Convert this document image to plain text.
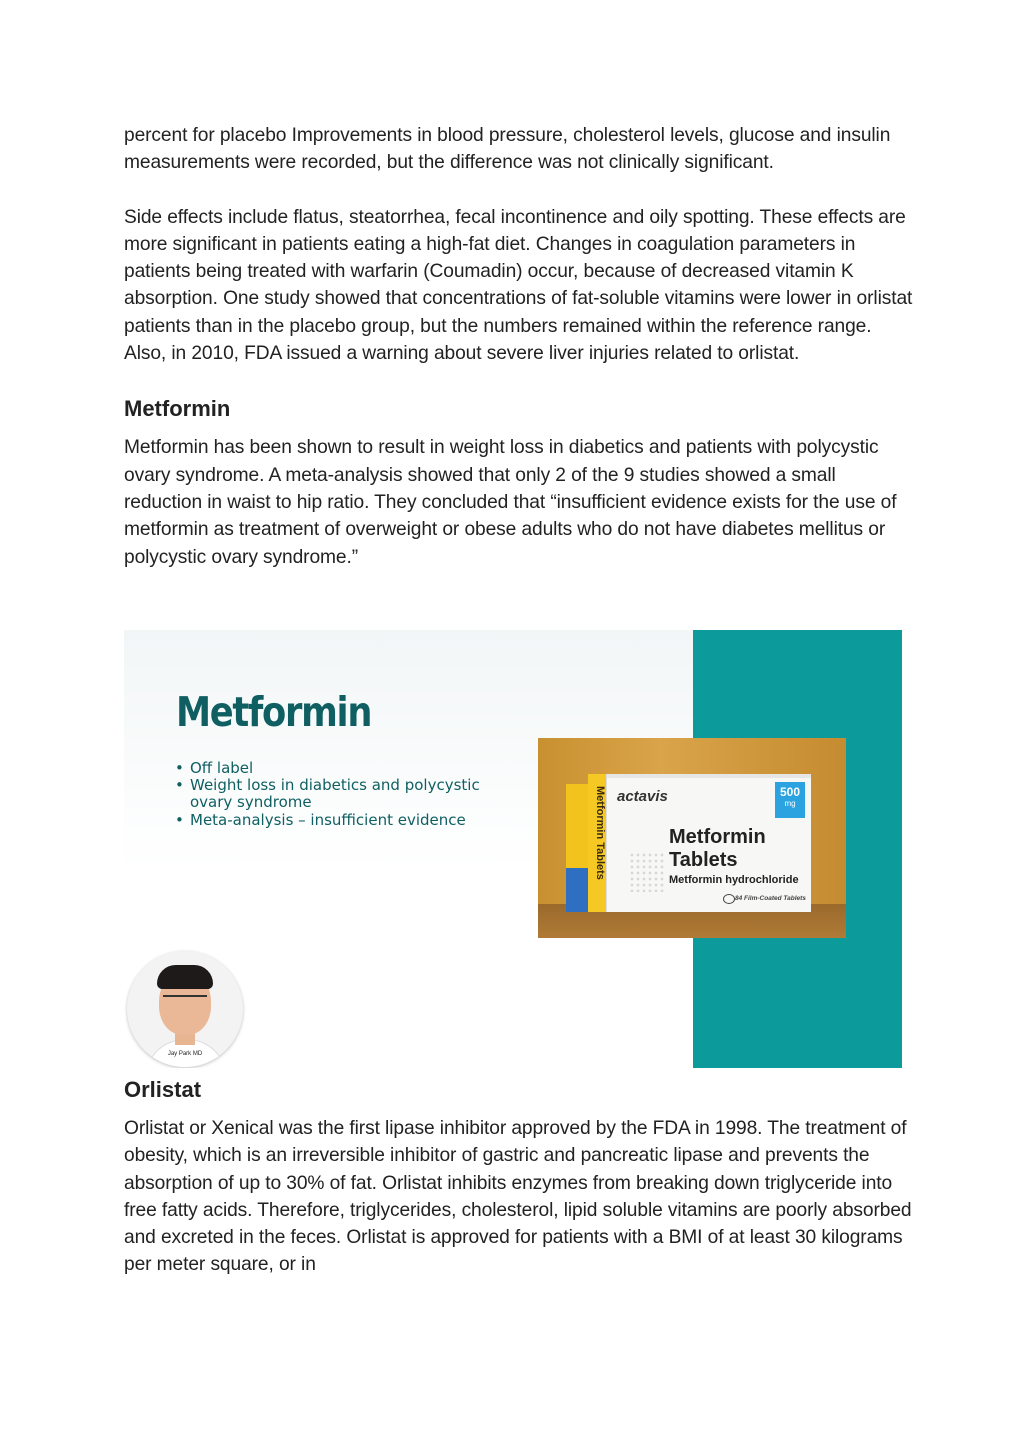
percent for placebo Improvements in blood pressure, cholesterol levels, glucose and insulin measurements were recorded, but the difference was not clinically significant.

Side effects include flatus, steatorrhea, fecal incontinence and oily spotting. These effects are more significant in patients eating a high-fat diet. Changes in coagulation parameters in patients being treated with warfarin (Coumadin) occur, because of decreased vitamin K absorption. One study showed that concentrations of fat-soluble vitamins were lower in orlistat patients than in the placebo group, but the numbers remained within the reference range. Also, in 2010, FDA issued a warning about severe liver injuries related to orlistat.

Metformin

Metformin has been shown to result in weight loss in diabetics and patients with polycystic ovary syndrome. A meta-analysis showed that only 2 of the 9 studies showed a small reduction in waist to hip ratio. They concluded that “insufficient evidence exists for the use of metformin as treatment of overweight or obese adults who do not have diabetes mellitus or polycystic ovary syndrome.”

Metformin
• Off label
• Weight loss in diabetics and polycystic ovary syndrome
• Meta-analysis – insufficient evidence	Metformin Tablets actavis	500
mg
Metformin
Tablets
Metformin hydrochloride
84 Film-Coated Tablets
Jay Park MD
Orlistat

Orlistat or Xenical was the first lipase inhibitor approved by the FDA in 1998. The treatment of obesity, which is an irreversible inhibitor of gastric and pancreatic lipase and prevents the absorption of up to 30% of fat. Orlistat inhibits enzymes from breaking down triglyceride into free fatty acids. Therefore, triglycerides, cholesterol, lipid soluble vitamins are poorly absorbed and excreted in the feces. Orlistat is approved for patients with a BMI of at least 30 kilograms per meter square, or in
